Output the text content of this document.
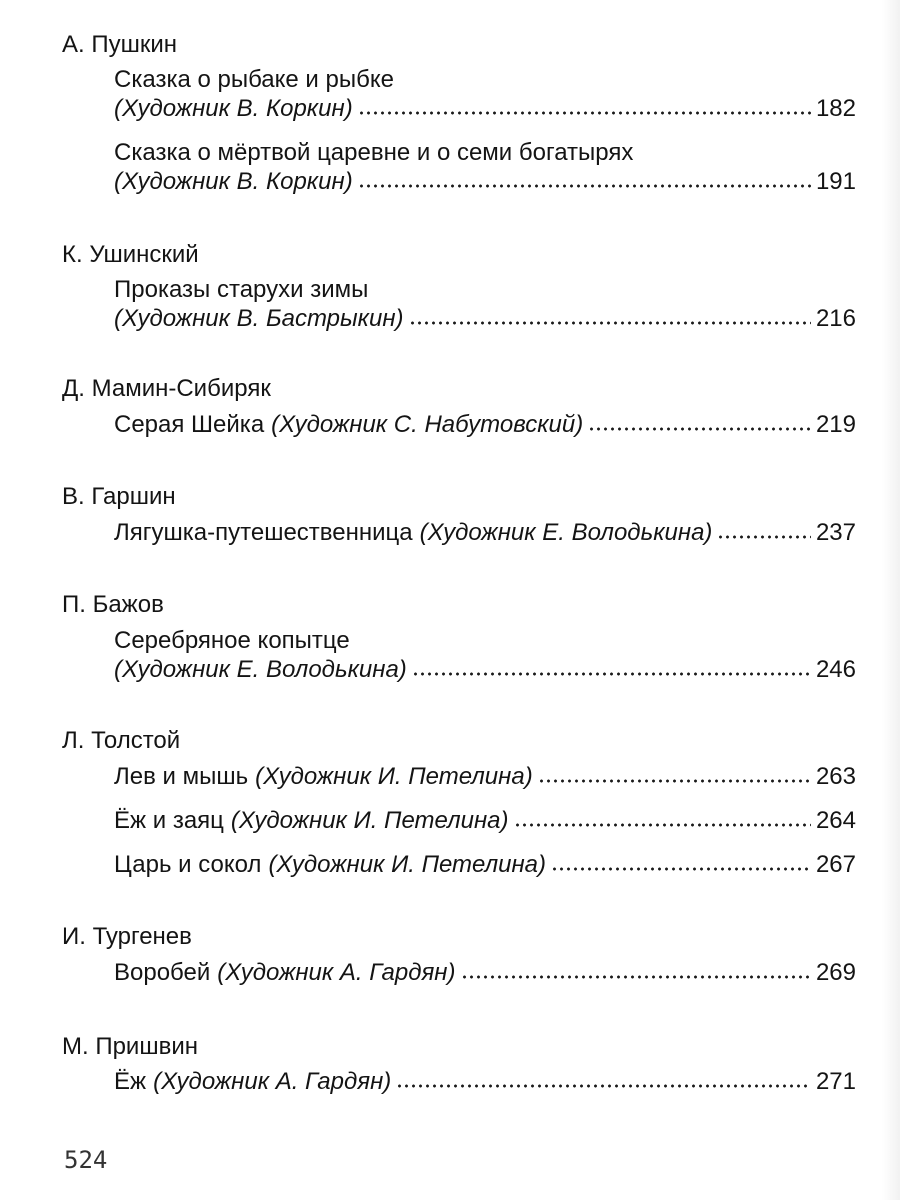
А. Пушкин
Сказка о рыбаке и рыбке
(Художник В. Коркин)	182
Сказка о мёртвой царевне и о семи богатырях
(Художник В. Коркин)	191
К. Ушинский
Проказы старухи зимы
(Художник В. Бастрыкин)	216
Д. Мамин-Сибиряк
Серая Шейка (Художник С. Набутовский)	219
В. Гаршин
Лягушка-путешественница (Художник Е. Володькина)	237
П. Бажов
Серебряное копытце
(Художник Е. Володькина)	246
Л. Толстой
Лев и мышь (Художник И. Петелина)	263
Ёж и заяц (Художник И. Петелина)	264
Царь и сокол (Художник И. Петелина)	267
И. Тургенев
Воробей (Художник А. Гардян)	269
М. Пришвин
Ёж (Художник А. Гардян)	271
524
